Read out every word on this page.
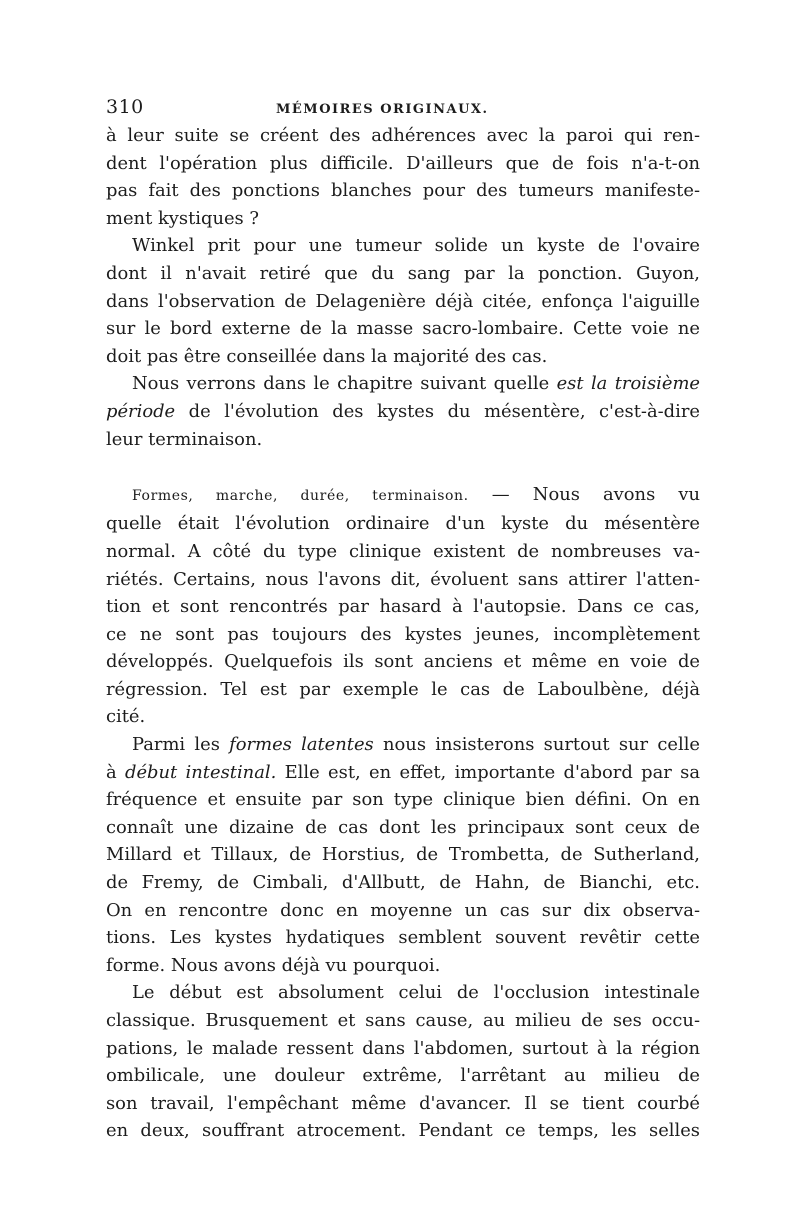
310	MÉMOIRES ORIGINAUX.

à leur suite se créent des adhérences avec la paroi qui ren-
dent l'opération plus difficile. D'ailleurs que de fois n'a-t-on
pas fait des ponctions blanches pour des tumeurs manifeste-
ment kystiques ?

Winkel prit pour une tumeur solide un kyste de l'ovaire
dont il n'avait retiré que du sang par la ponction. Guyon,
dans l'observation de Delagenière déjà citée, enfonça l'aiguille
sur le bord externe de la masse sacro-lombaire. Cette voie ne
doit pas être conseillée dans la majorité des cas.

Nous verrons dans le chapitre suivant quelle est la troisième
période de l'évolution des kystes du mésentère, c'est-à-dire
leur terminaison.

Formes, marche, durée, terminaison. — Nous avons vu
quelle était l'évolution ordinaire d'un kyste du mésentère
normal. A côté du type clinique existent de nombreuses va-
riétés. Certains, nous l'avons dit, évoluent sans attirer l'atten-
tion et sont rencontrés par hasard à l'autopsie. Dans ce cas,
ce ne sont pas toujours des kystes jeunes, incomplètement
développés. Quelquefois ils sont anciens et même en voie de
régression. Tel est par exemple le cas de Laboulbène, déjà
cité.

Parmi les formes latentes nous insisterons surtout sur celle
à début intestinal. Elle est, en effet, importante d'abord par sa
fréquence et ensuite par son type clinique bien défini. On en
connaît une dizaine de cas dont les principaux sont ceux de
Millard et Tillaux, de Horstius, de Trombetta, de Sutherland,
de Fremy, de Cimbali, d'Allbutt, de Hahn, de Bianchi, etc.
On en rencontre donc en moyenne un cas sur dix observa-
tions. Les kystes hydatiques semblent souvent revêtir cette
forme. Nous avons déjà vu pourquoi.

Le début est absolument celui de l'occlusion intestinale
classique. Brusquement et sans cause, au milieu de ses occu-
pations, le malade ressent dans l'abdomen, surtout à la région
ombilicale, une douleur extrême, l'arrêtant au milieu de
son travail, l'empêchant même d'avancer. Il se tient courbé
en deux, souffrant atrocement. Pendant ce temps, les selles
